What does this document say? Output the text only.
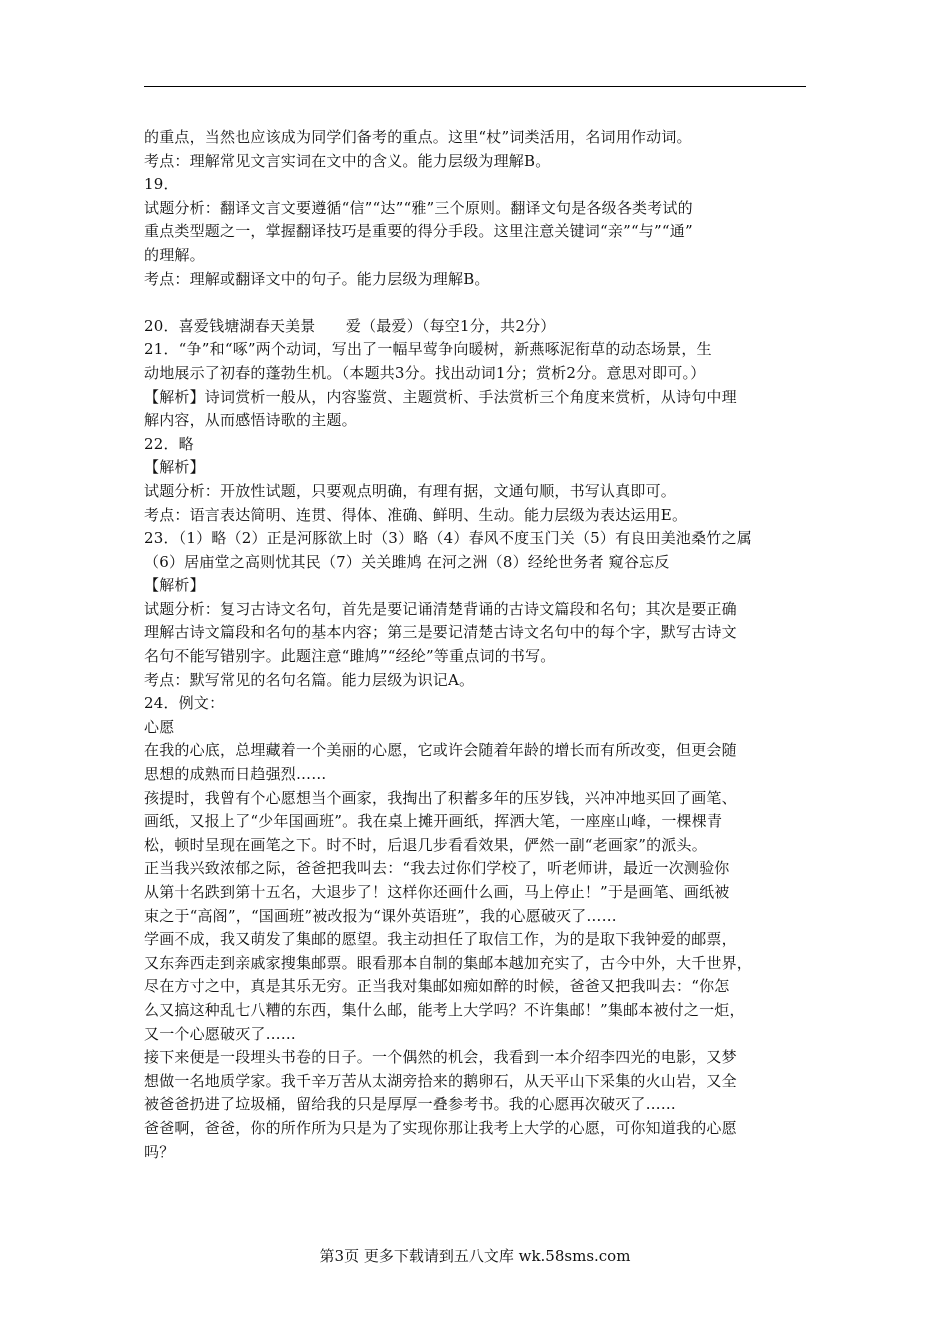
的重点，当然也应该成为同学们备考的重点。这里“杖”词类活用，名词用作动词。
考点：理解常见文言实词在文中的含义。能力层级为理解B。
19．
试题分析：翻译文言文要遵循“信”“达”“雅”三个原则。翻译文句是各级各类考试的
重点类型题之一，掌握翻译技巧是重要的得分手段。这里注意关键词“亲”“与”“通”
的理解。
考点：理解或翻译文中的句子。能力层级为理解B。
20．喜爱钱塘湖春天美景　　爱（最爱）（每空1分，共2分）
21．“争”和“啄”两个动词，写出了一幅早莺争向暖树，新燕啄泥衔草的动态场景，生
动地展示了初春的蓬勃生机。（本题共3分。找出动词1分；赏析2分。意思对即可。）
【解析】诗词赏析一般从，内容鉴赏、主题赏析、手法赏析三个角度来赏析，从诗句中理
解内容，从而感悟诗歌的主题。
22．略
【解析】
试题分析：开放性试题，只要观点明确，有理有据，文通句顺，书写认真即可。
考点：语言表达简明、连贯、得体、准确、鲜明、生动。能力层级为表达运用E。
23．（1）略（2）正是河豚欲上时（3）略（4）春风不度玉门关（5）有良田美池桑竹之属
（6）居庙堂之高则忧其民（7）关关雎鸠 在河之洲（8）经纶世务者 窥谷忘反
【解析】
试题分析：复习古诗文名句，首先是要记诵清楚背诵的古诗文篇段和名句；其次是要正确
理解古诗文篇段和名句的基本内容；第三是要记清楚古诗文名句中的每个字，默写古诗文
名句不能写错别字。此题注意“雎鸠”“经纶”等重点词的书写。
考点：默写常见的名句名篇。能力层级为识记A。
24．例文：
心愿
在我的心底，总埋藏着一个美丽的心愿，它或许会随着年龄的增长而有所改变，但更会随
思想的成熟而日趋强烈……
孩提时，我曾有个心愿想当个画家，我掏出了积蓄多年的压岁钱，兴冲冲地买回了画笔、
画纸，又报上了“少年国画班”。我在桌上摊开画纸，挥洒大笔，一座座山峰，一棵棵青
松，顿时呈现在画笔之下。时不时，后退几步看看效果，俨然一副“老画家”的派头。
正当我兴致浓郁之际，爸爸把我叫去：“我去过你们学校了，听老师讲，最近一次测验你
从第十名跌到第十五名，大退步了！这样你还画什么画，马上停止！”于是画笔、画纸被
束之于“高阁”，“国画班”被改报为“课外英语班”，我的心愿破灭了……
学画不成，我又萌发了集邮的愿望。我主动担任了取信工作，为的是取下我钟爱的邮票，
又东奔西走到亲戚家搜集邮票。眼看那本自制的集邮本越加充实了，古今中外，大千世界，
尽在方寸之中，真是其乐无穷。正当我对集邮如痴如醉的时候，爸爸又把我叫去：“你怎
么又搞这种乱七八糟的东西，集什么邮，能考上大学吗？不许集邮！”集邮本被付之一炬，
又一个心愿破灭了……
接下来便是一段埋头书卷的日子。一个偶然的机会，我看到一本介绍李四光的电影，又梦
想做一名地质学家。我千辛万苦从太湖旁拾来的鹅卵石，从天平山下采集的火山岩，又全
被爸爸扔进了垃圾桶，留给我的只是厚厚一叠参考书。我的心愿再次破灭了……
爸爸啊，爸爸，你的所作所为只是为了实现你那让我考上大学的心愿，可你知道我的心愿
吗？
第3页 更多下载请到五八文库 wk.58sms.com
